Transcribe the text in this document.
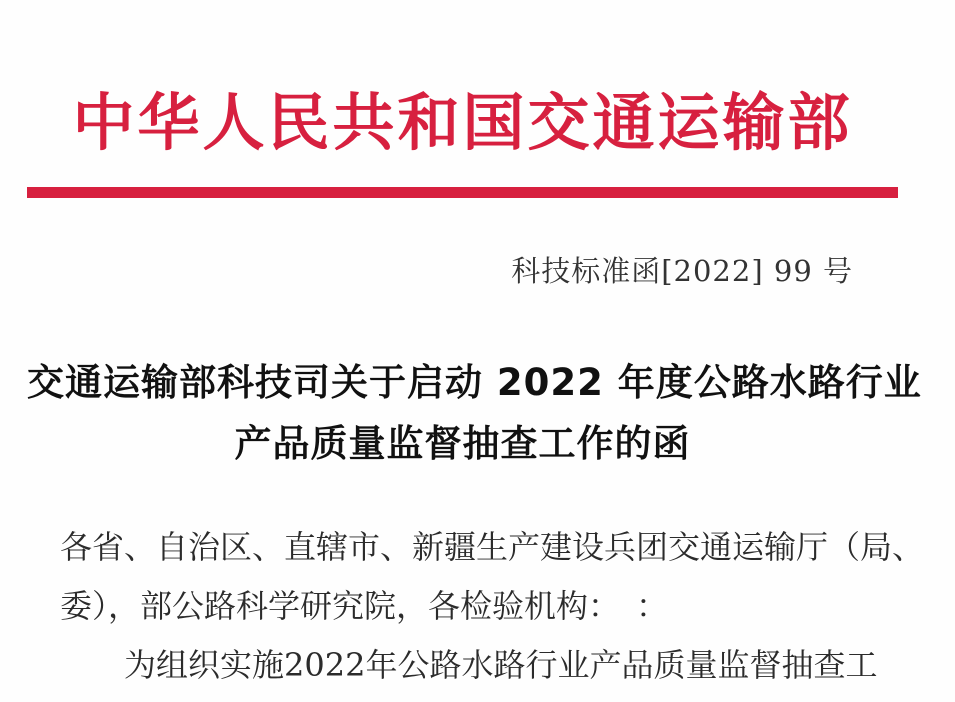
中华人民共和国交通运输部
科技标准函[2022] 99 号
交通运输部科技司关于启动 2022 年度公路水路行业
产品质量监督抽查工作的函

各省、自治区、直辖市、新疆生产建设兵团交通运输厅（局、

委），部公路科学研究院，各检验机构：　：

为组织实施2022年公路水路行业产品质量监督抽查工
